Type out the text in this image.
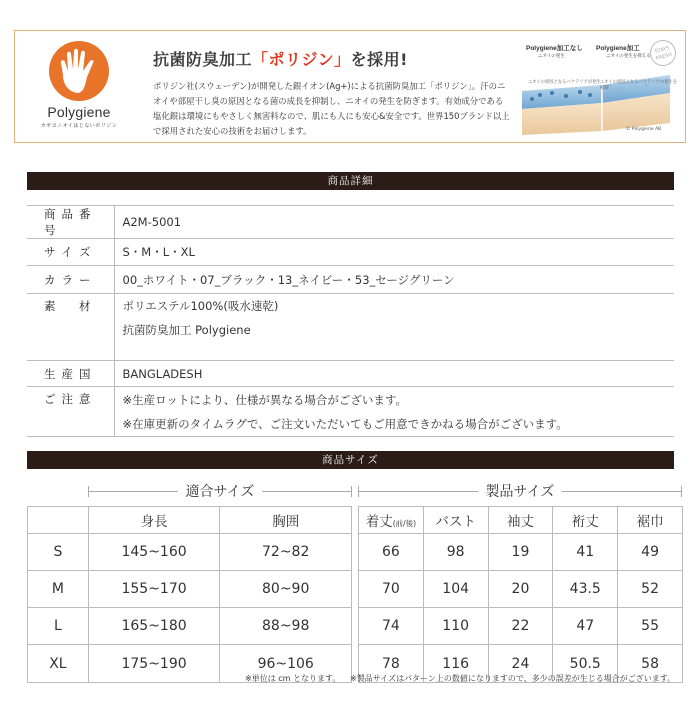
Polygiene
カギヱニオイはじないポリジン
抗菌防臭加工「ポリジン」を採用!
ポリジン社(スウェーデン)が開発した銀イオン(Ag+)による抗菌防臭加工「ポリジン」。汗のニオイや部屋干し臭の原因となる菌の成長を抑制し、ニオイの発生を防ぎます。有効成分である塩化銀は環境にもやさしく無害料なので、肌にも人にも安心&安全です。世界150ブランド以上で採用された安心の技術をお届けします。
Polygiene加工なし Polygiene加工
ニオイの発生	ニオイの発生を抑える
STAYS FRESH
ニオイの原因となるバクテリアが発生 ニオイの原因となるバクテリアの発生を抑制
© Polygiene AB
商品詳細
商品番号	A2M-5001

サイズ	S・M・L・XL

カラー	00_ホワイト・07_ブラック・13_ネイビー・53_セージグリーン

素材	ポリエステル100%(吸水速乾)
抗菌防臭加工 Polygiene

生産国	BANGLADESH

ご注意	※生産ロットにより、仕様が異なる場合がございます。
※在庫更新のタイムラグで、ご注文いただいてもご用意できかねる場合がございます。
商品サイズ
適合サイズ	製品サイズ
	身長	胸囲
S	145~160	72~82
M	155~170	80~90
L	165~180	88~98
XL	175~190	96~106
着丈(前/後)	バスト	袖丈	裄丈	裾巾
66	98	19	41	49
70	104	20	43.5	52
74	110	22	47	55
78	116	24	50.5	58
※単位は cm となります。 ※製品サイズはパターン上の数値になりますので、多少の誤差が生じる場合がございます。
